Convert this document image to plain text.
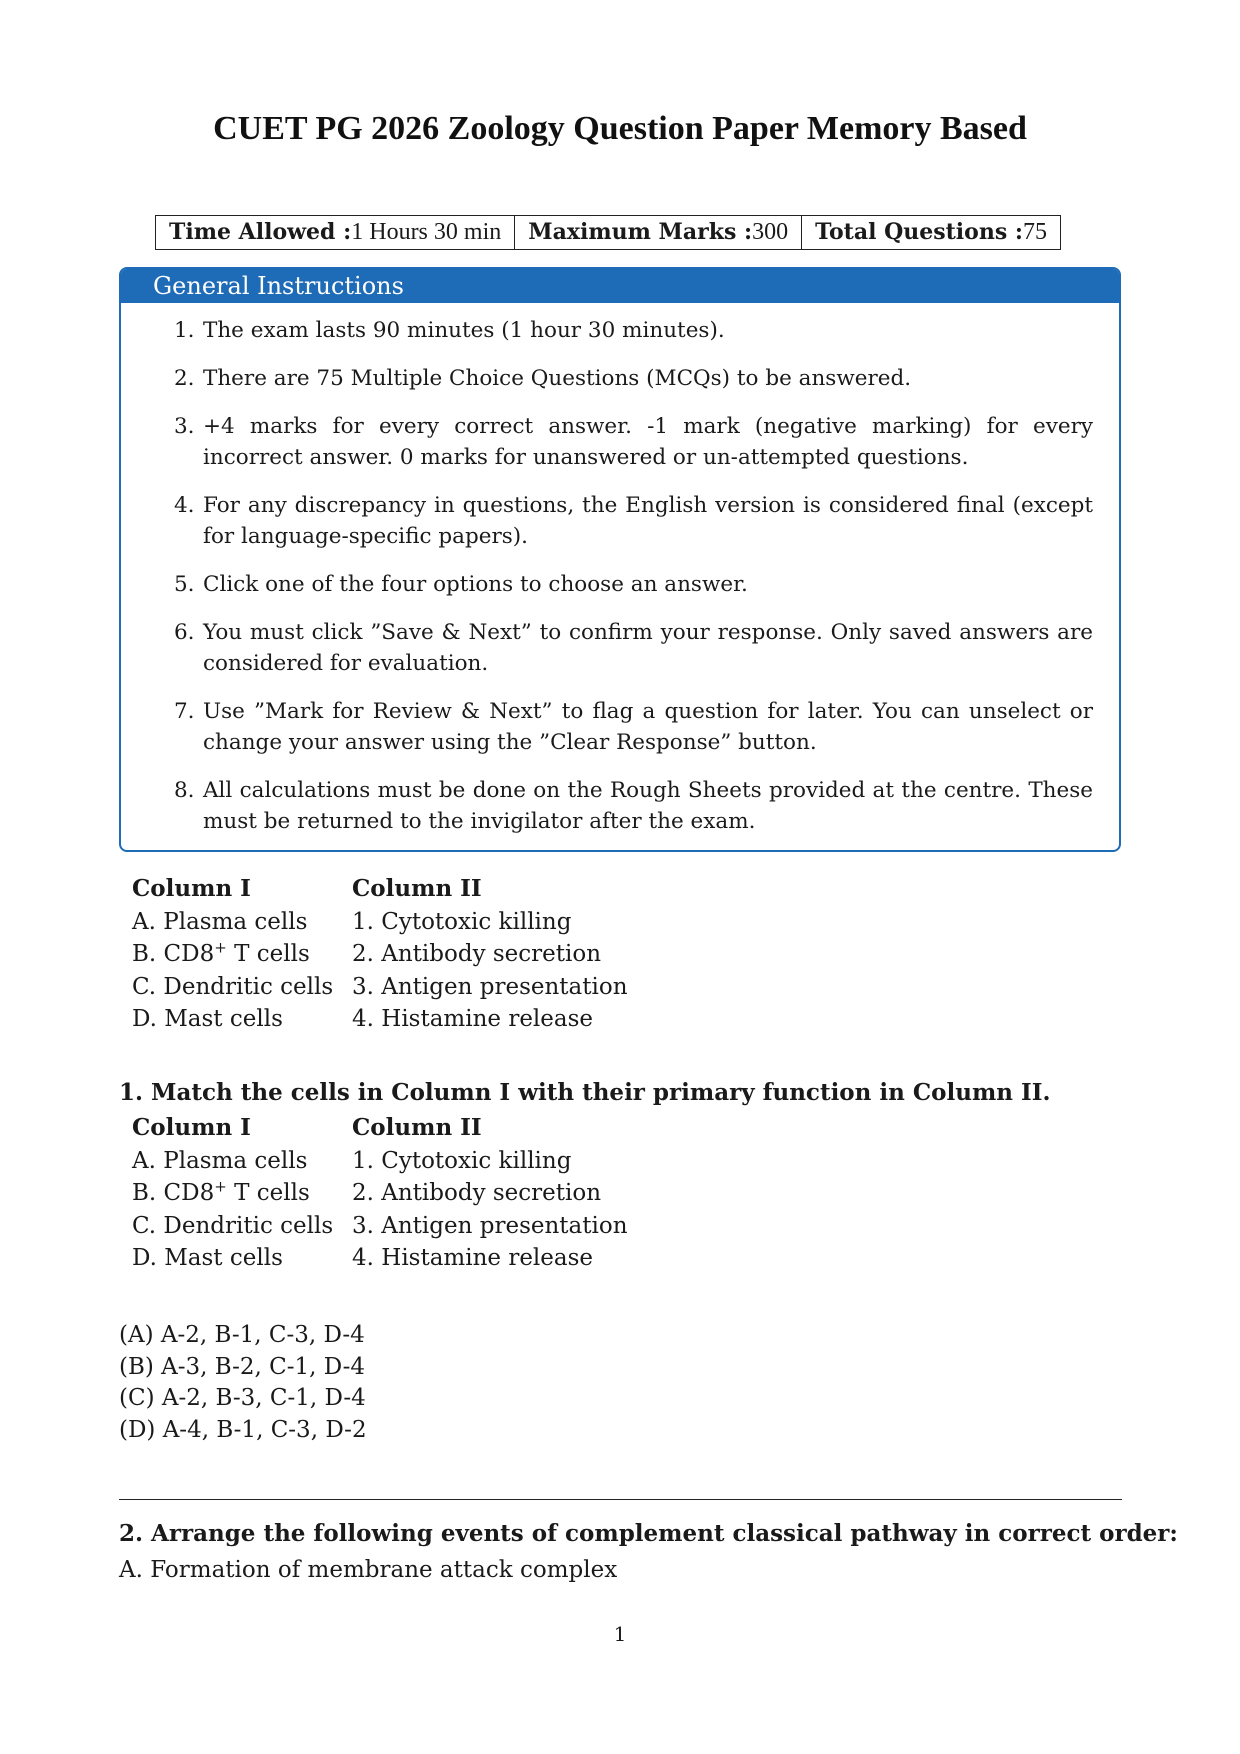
CUET PG 2026 Zoology Question Paper Memory Based
Time Allowed :1 Hours 30 min	Maximum Marks :300	Total Questions :75
General Instructions
1. The exam lasts 90 minutes (1 hour 30 minutes).
2. There are 75 Multiple Choice Questions (MCQs) to be answered.
3. +4 marks for every correct answer. -1 mark (negative marking) for every incorrect answer. 0 marks for unanswered or un-attempted questions.
4. For any discrepancy in questions, the English version is considered final (except for language-specific papers).
5. Click one of the four options to choose an answer.
6. You must click ”Save & Next” to confirm your response. Only saved answers are considered for evaluation.
7. Use ”Mark for Review & Next” to flag a question for later. You can unselect or change your answer using the ”Clear Response” button.
8. All calculations must be done on the Rough Sheets provided at the centre. These must be returned to the invigilator after the exam.
Column I	Column II
A. Plasma cells	1. Cytotoxic killing
B. CD8+ T cells	2. Antibody secretion
C. Dendritic cells	3. Antigen presentation
D. Mast cells	4. Histamine release

1. Match the cells in Column I with their primary function in Column II.

Column I	Column II
A. Plasma cells	1. Cytotoxic killing
B. CD8+ T cells	2. Antibody secretion
C. Dendritic cells	3. Antigen presentation
D. Mast cells	4. Histamine release
(A) A-2, B-1, C-3, D-4
(B) A-3, B-2, C-1, D-4
(C) A-2, B-3, C-1, D-4
(D) A-4, B-1, C-3, D-2

2. Arrange the following events of complement classical pathway in correct order:

A. Formation of membrane attack complex
1
